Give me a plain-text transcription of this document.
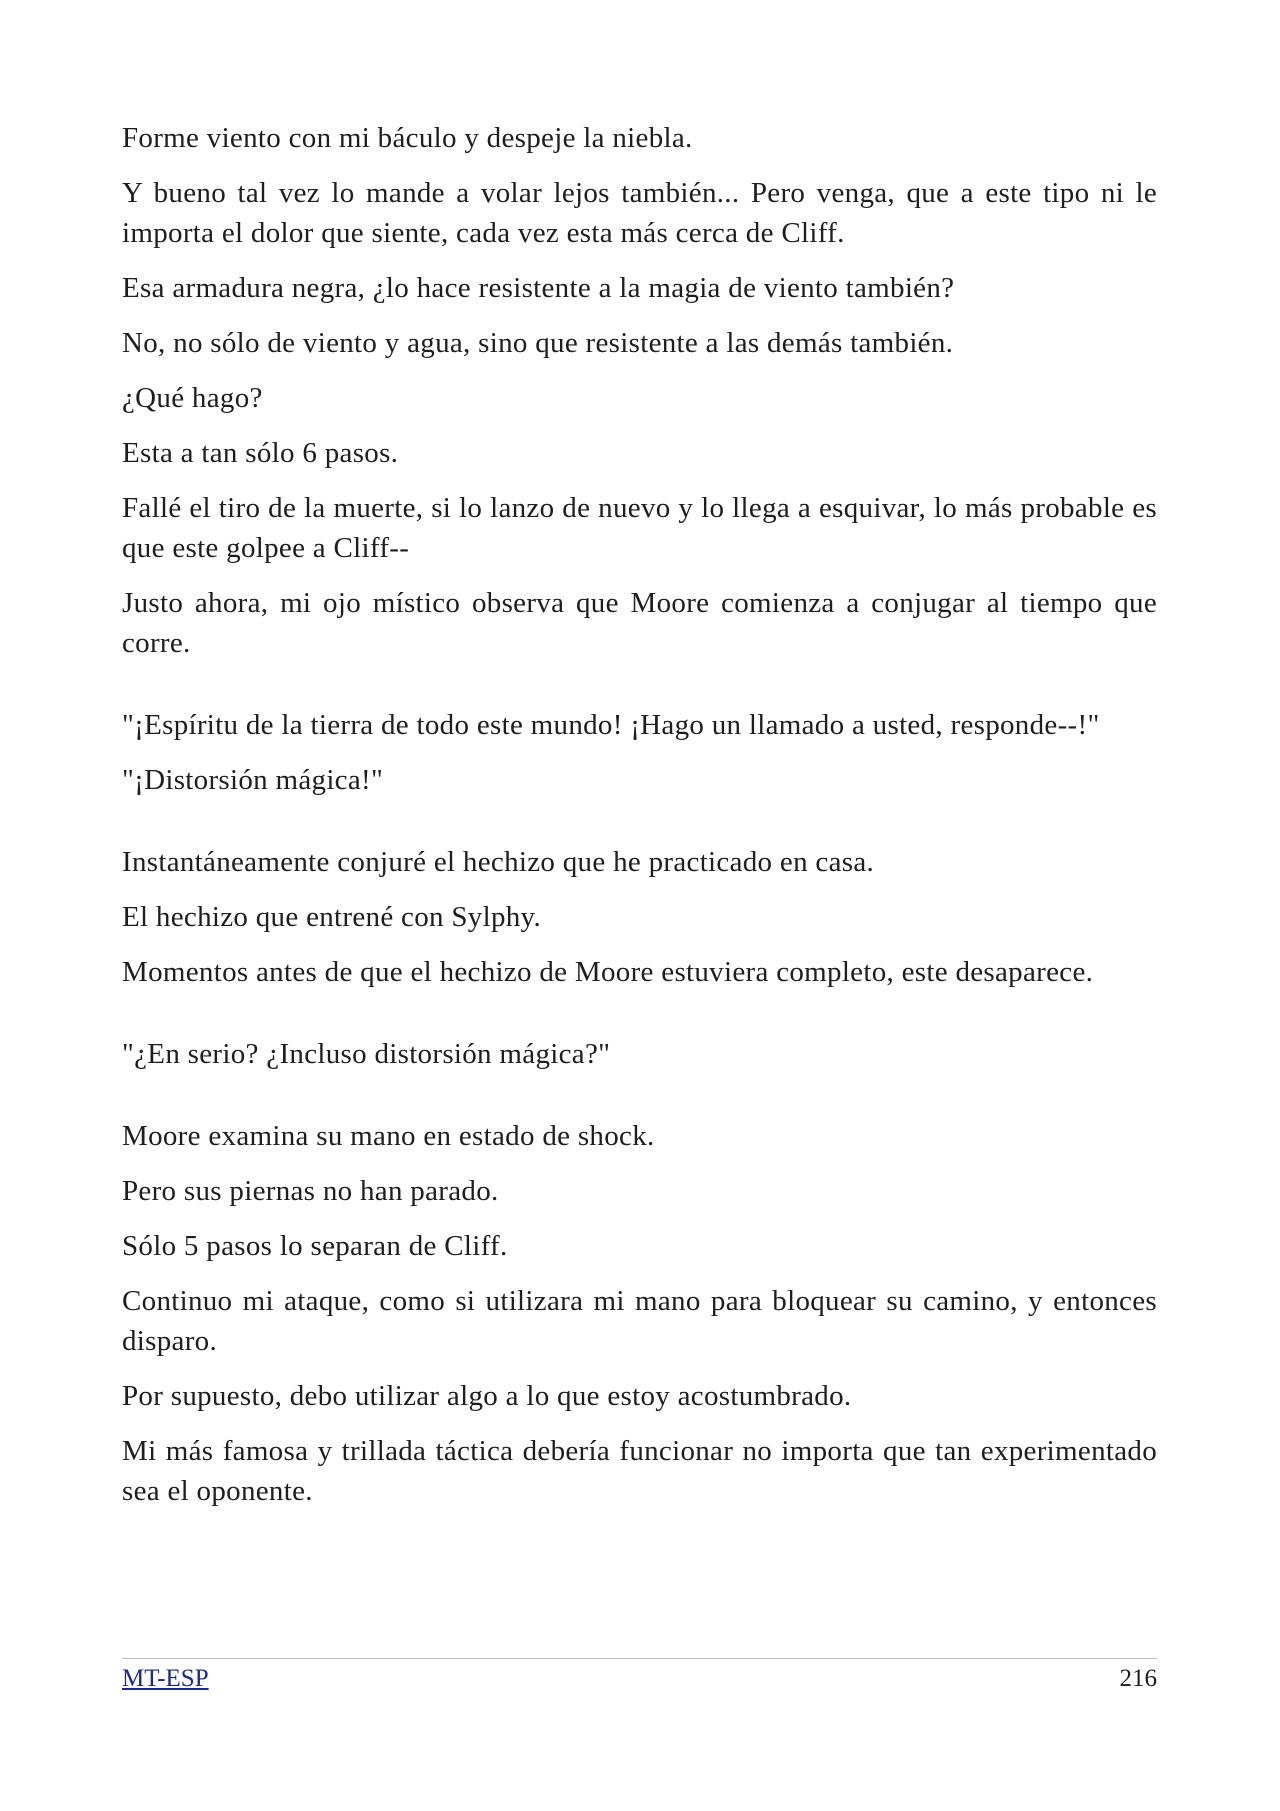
Forme viento con mi báculo y despeje la niebla.

Y bueno tal vez lo mande a volar lejos también... Pero venga, que a este tipo ni le importa el dolor que siente, cada vez esta más cerca de Cliff.

Esa armadura negra, ¿lo hace resistente a la magia de viento también?

No, no sólo de viento y agua, sino que resistente a las demás también.

¿Qué hago?

Esta a tan sólo 6 pasos.

Fallé el tiro de la muerte, si lo lanzo de nuevo y lo llega a esquivar, lo más probable es que este golpee a Cliff--

Justo ahora, mi ojo místico observa que Moore comienza a conjugar al tiempo que corre.

"¡Espíritu de la tierra de todo este mundo! ¡Hago un llamado a usted, responde--!"

"¡Distorsión mágica!"

Instantáneamente conjuré el hechizo que he practicado en casa.

El hechizo que entrené con Sylphy.

Momentos antes de que el hechizo de Moore estuviera completo, este desaparece.

"¿En serio? ¿Incluso distorsión mágica?"

Moore examina su mano en estado de shock.

Pero sus piernas no han parado.

Sólo 5 pasos lo separan de Cliff.

Continuo mi ataque, como si utilizara mi mano para bloquear su camino, y entonces disparo.

Por supuesto, debo utilizar algo a lo que estoy acostumbrado.

Mi más famosa y trillada táctica debería funcionar no importa que tan experimentado sea el oponente.

MT-ESP	216
